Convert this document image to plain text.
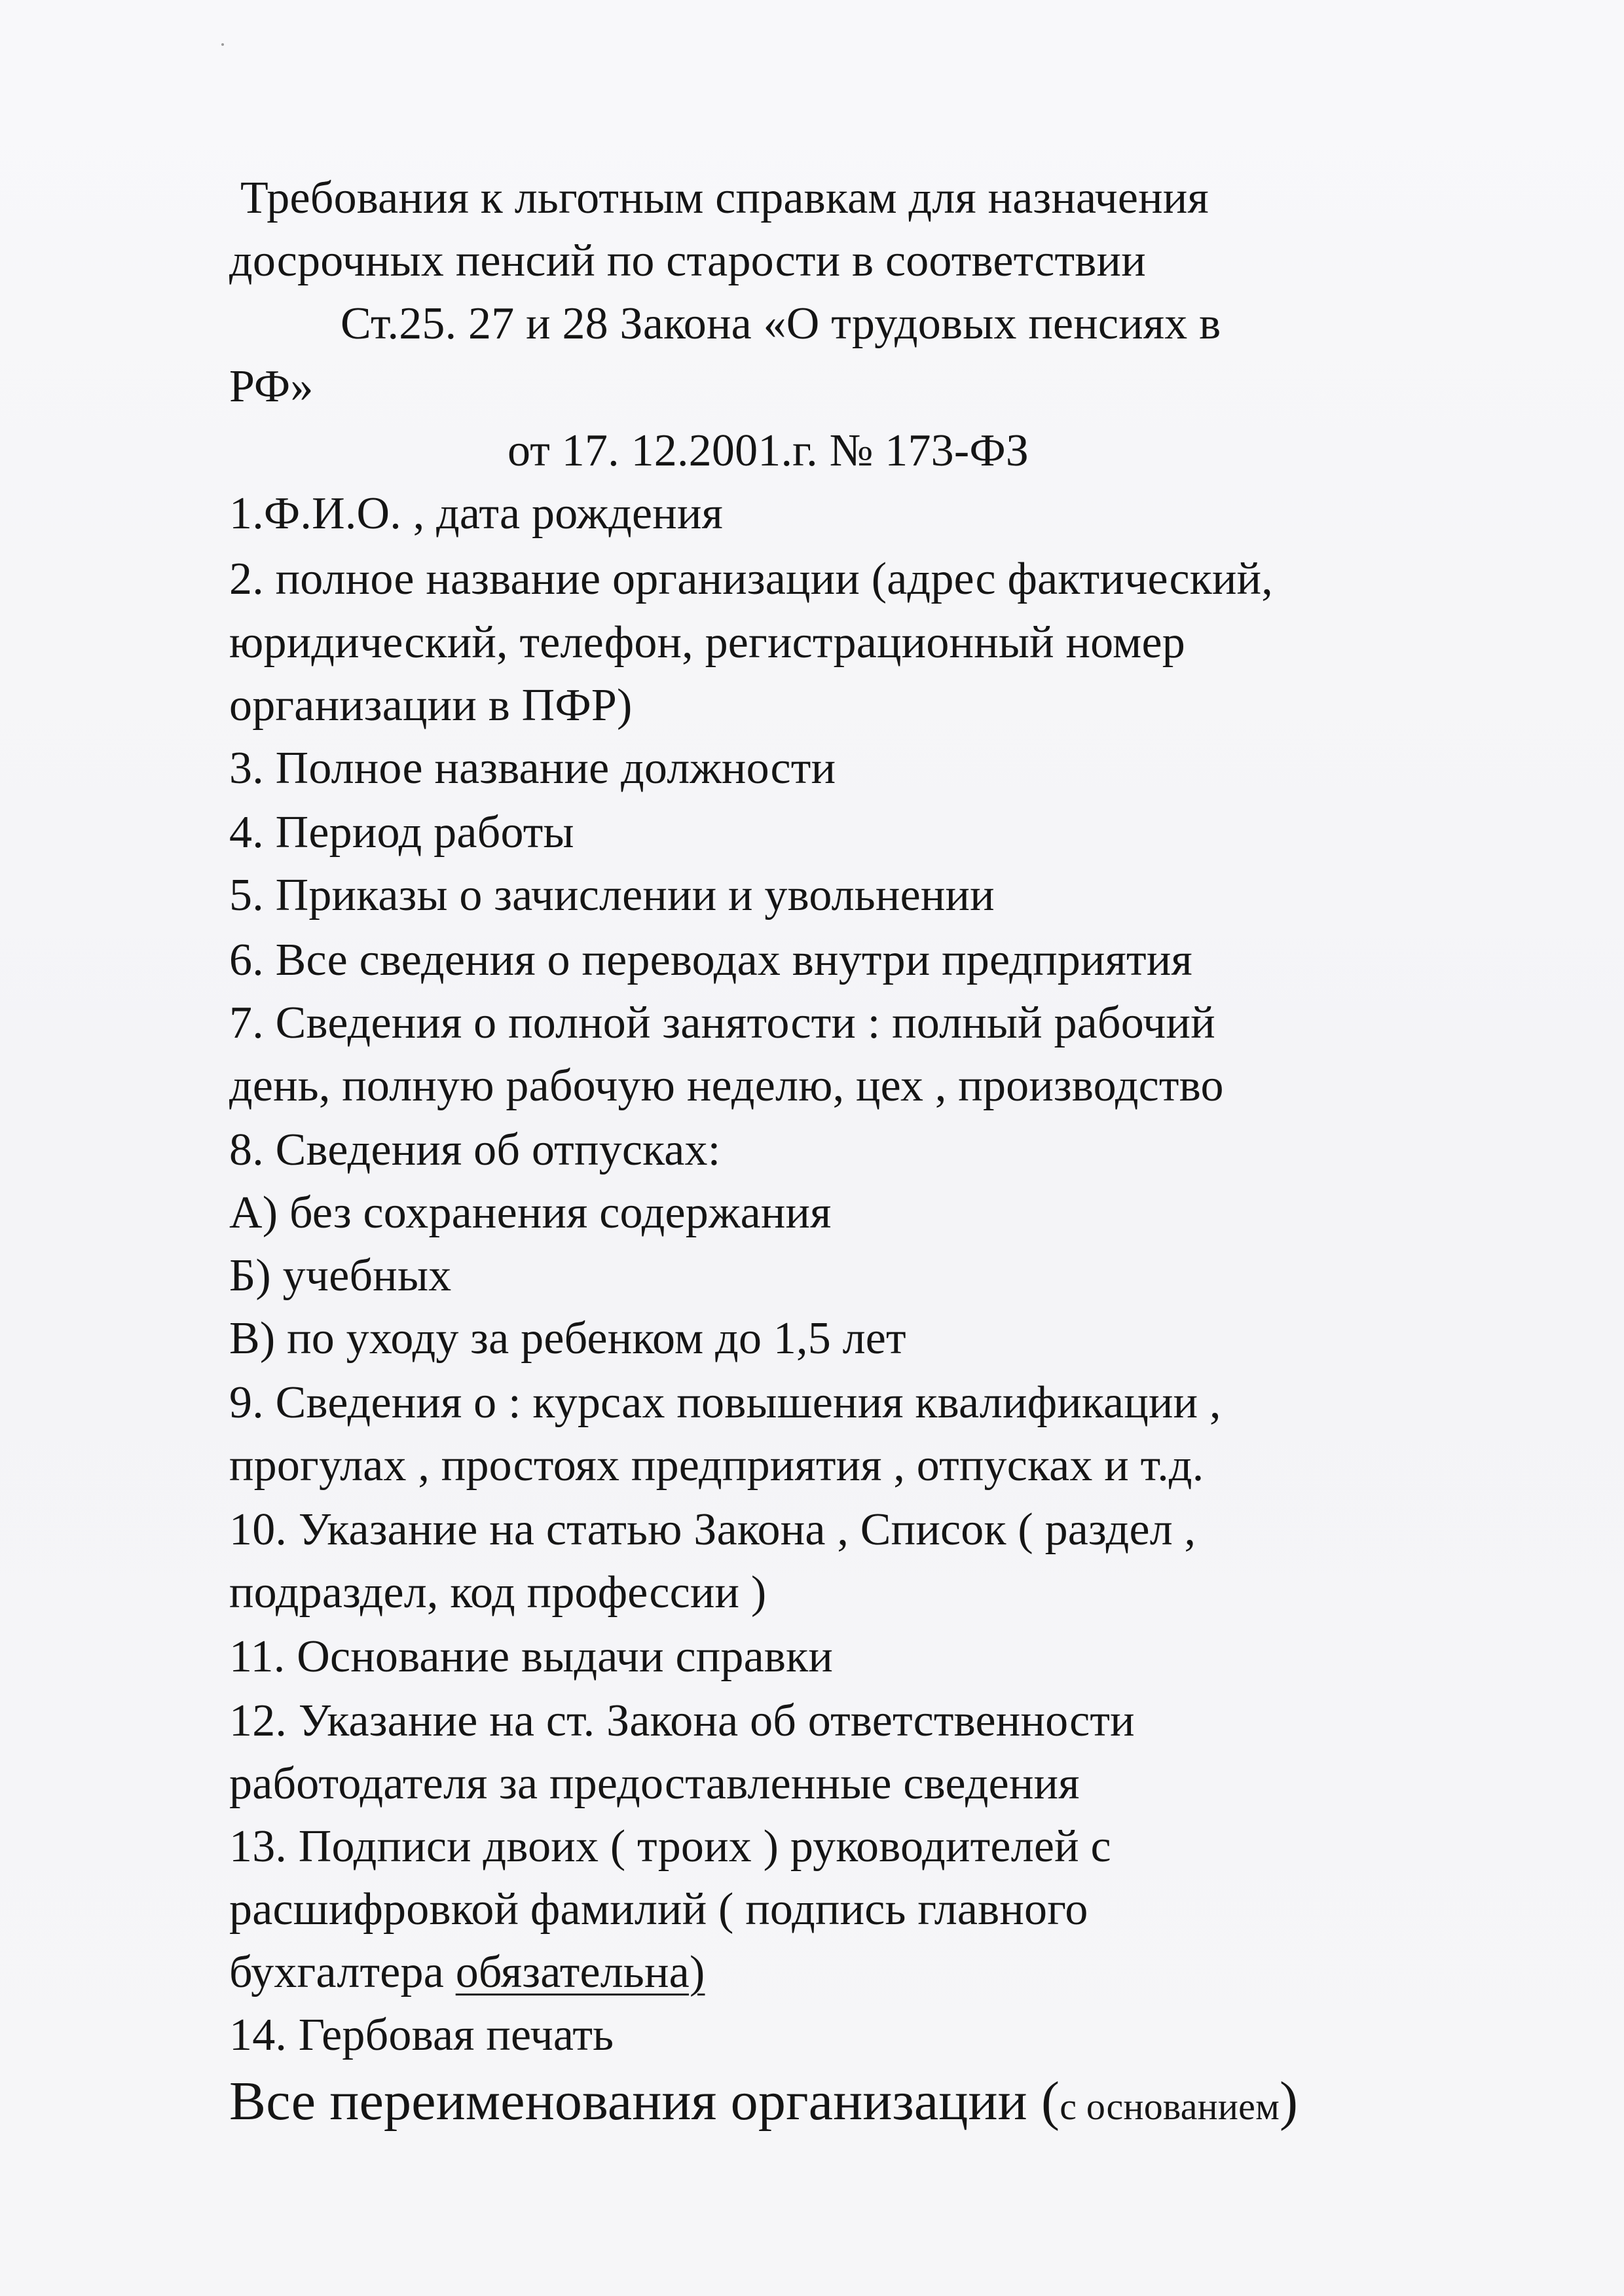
Требования к льготным справкам для назначения
досрочных пенсий по старости в соответствии
Ст.25. 27 и 28 Закона «О трудовых пенсиях в
РФ»
от 17. 12.2001.г. № 173-ФЗ
1.Ф.И.О. , дата рождения
2. полное название организации (адрес фактический,
юридический, телефон, регистрационный номер
организации в ПФР)
3. Полное название должности
4. Период работы
5. Приказы о зачислении и увольнении
6. Все сведения о переводах внутри предприятия
7. Сведения о полной занятости : полный рабочий
день, полную рабочую неделю, цех , производство
8. Сведения об отпусках:
А) без сохранения содержания
Б) учебных
В) по уходу за ребенком до 1,5 лет
9. Сведения о : курсах повышения квалификации ,
прогулах , простоях предприятия , отпусках и т.д.
10. Указание на статью Закона , Список ( раздел ,
подраздел, код профессии )
11. Основание выдачи справки
12. Указание на ст. Закона об ответственности
работодателя за предоставленные сведения
13. Подписи двоих ( троих ) руководителей с
расшифровкой фамилий ( подпись главного
бухгалтера обязательна)
14. Гербовая печать
Все переименования организации (с основанием)
